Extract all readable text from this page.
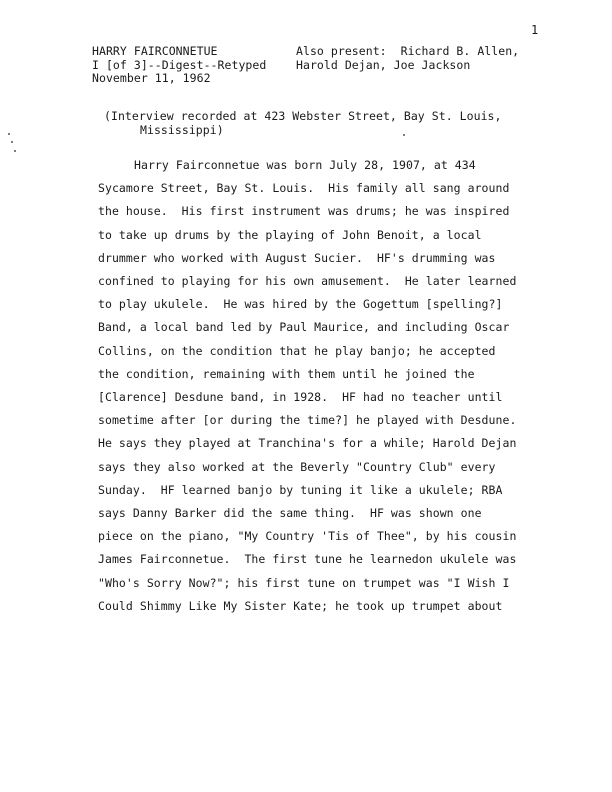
1
HARRY FAIRCONNETUE
I [of 3]--Digest--Retyped
November 11, 1962
Also present:  Richard B. Allen,
Harold Dejan, Joe Jackson
(Interview recorded at 423 Webster Street, Bay St. Louis,
Mississippi)
Harry Fairconnetue was born July 28, 1907, at 434
Sycamore Street, Bay St. Louis.  His family all sang around
the house.  His first instrument was drums; he was inspired
to take up drums by the playing of John Benoit, a local
drummer who worked with August Sucier.  HF's drumming was
confined to playing for his own amusement.  He later learned
to play ukulele.  He was hired by the Gogettum [spelling?]
Band, a local band led by Paul Maurice, and including Oscar
Collins, on the condition that he play banjo; he accepted
the condition, remaining with them until he joined the
[Clarence] Desdune band, in 1928.  HF had no teacher until
sometime after [or during the time?] he played with Desdune.
He says they played at Tranchina's for a while; Harold Dejan
says they also worked at the Beverly "Country Club" every
Sunday.  HF learned banjo by tuning it like a ukulele; RBA
says Danny Barker did the same thing.  HF was shown one
piece on the piano, "My Country 'Tis of Thee", by his cousin
James Fairconnetue.  The first tune he learnedon ukulele was
"Who's Sorry Now?"; his first tune on trumpet was "I Wish I
Could Shimmy Like My Sister Kate; he took up trumpet about
